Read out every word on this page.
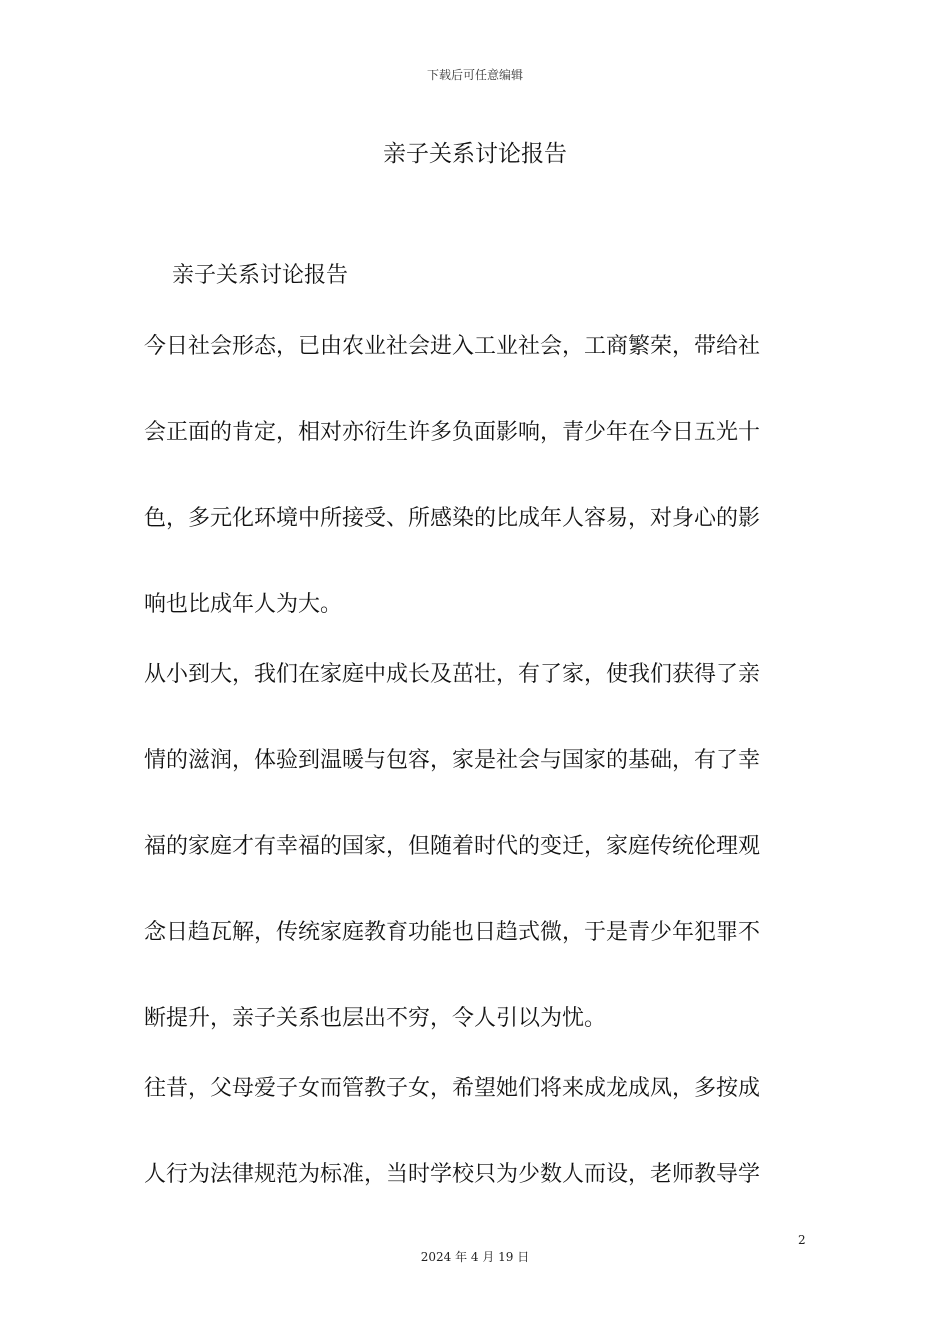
下载后可任意编辑
亲子关系讨论报告
亲子关系讨论报告
今日社会形态，已由农业社会进入工业社会，工商繁荣，带给社
会正面的肯定，相对亦衍生许多负面影响，青少年在今日五光十
色，多元化环境中所接受、所感染的比成年人容易，对身心的影
响也比成年人为大。
从小到大，我们在家庭中成长及茁壮，有了家，使我们获得了亲
情的滋润，体验到温暖与包容，家是社会与国家的基础，有了幸
福的家庭才有幸福的国家，但随着时代的变迁，家庭传统伦理观
念日趋瓦解，传统家庭教育功能也日趋式微，于是青少年犯罪不
断提升，亲子关系也层出不穷，令人引以为忧。
往昔，父母爱子女而管教子女，希望她们将来成龙成凤，多按成
人行为法律规范为标准，当时学校只为少数人而设，老师教导学
2
2024 年 4 月 19 日
